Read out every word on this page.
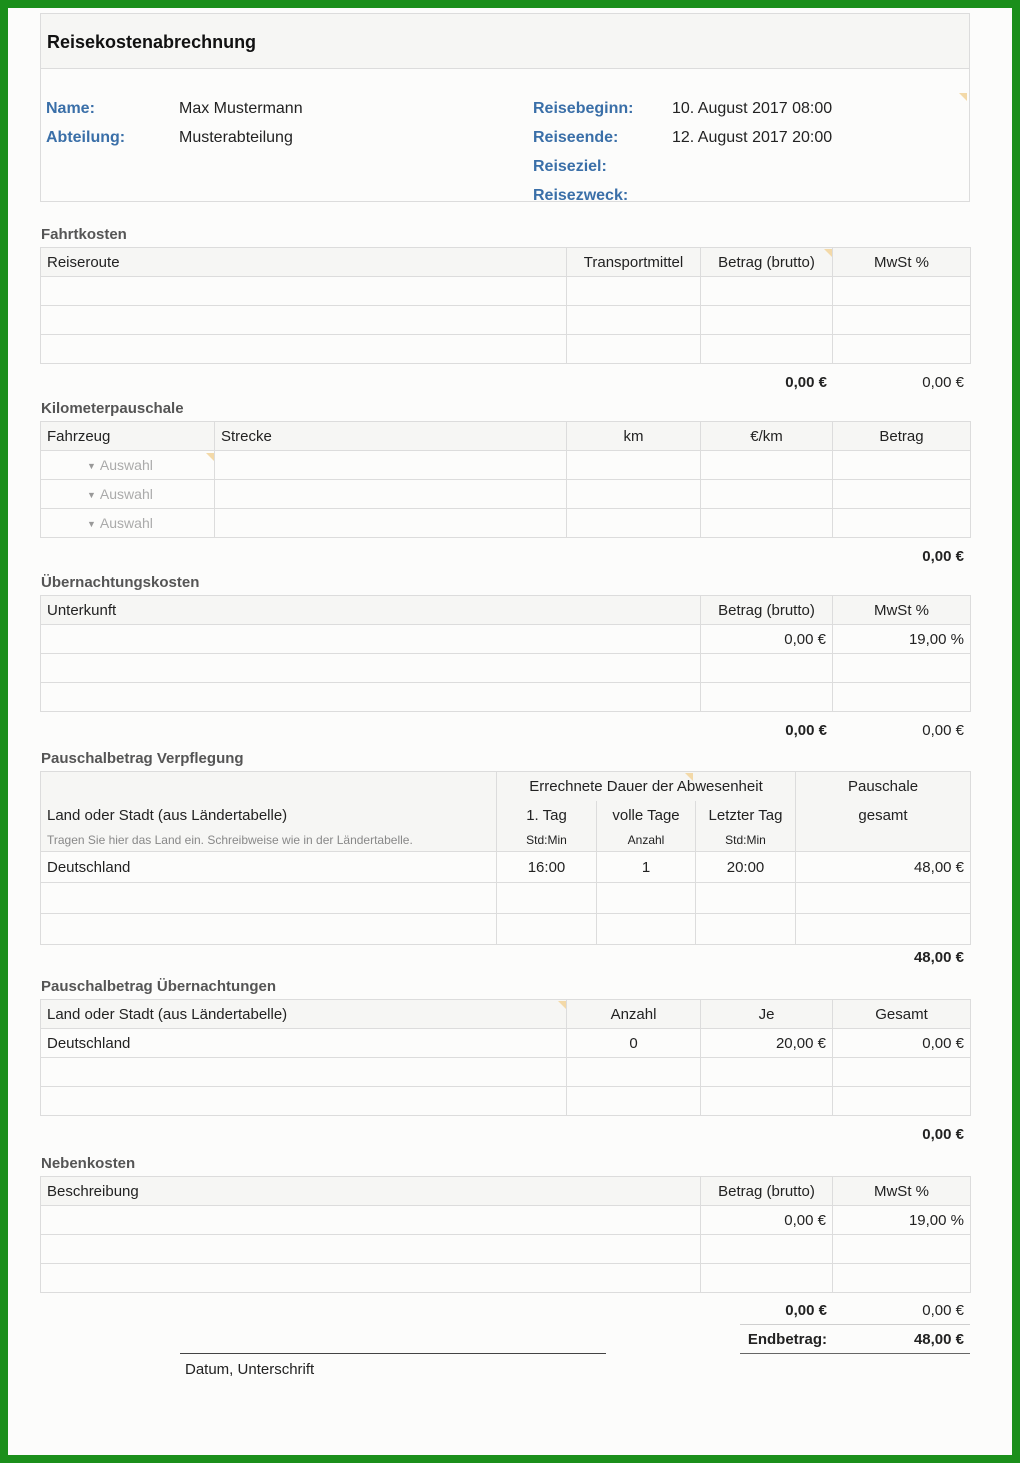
Reisekostenabrechnung
Name:	Max Mustermann
Abteilung:	Musterabteilung
Reisebeginn: 10. August 2017 08:00
Reiseende:	12. August 2017 20:00
Reiseziel:
Reisezweck:
Fahrtkosten
Reiseroute	Transportmittel	Betrag (brutto)	MwSt %

0,00 €	0,00 €
Kilometerpauschale
Fahrzeug	Strecke	km	€/km	Betrag
▼ Auswahl				
▼ Auswahl				
▼ Auswahl				
0,00 €
Übernachtungskosten
Unterkunft	Betrag (brutto)	MwSt %
	0,00 €	19,00 %

0,00 €	0,00 €
Pauschalbetrag Verpflegung
	Errechnete Dauer der Abwesenheit			Pauschale
Land oder Stadt (aus Ländertabelle)	1. Tag	volle Tage	Letzter Tag	gesamt
Tragen Sie hier das Land ein. Schreibweise wie in der Ländertabelle.	Std:Min	Anzahl	Std:Min	
Deutschland	16:00	1	20:00	48,00 €

48,00 €
Pauschalbetrag Übernachtungen
Land oder Stadt (aus Ländertabelle)	Anzahl	Je	Gesamt
Deutschland	0	20,00 €	0,00 €

0,00 €
Nebenkosten
Beschreibung	Betrag (brutto)	MwSt %
	0,00 €	19,00 %

0,00 €	0,00 €
Endbetrag:	48,00 €
Datum, Unterschrift
